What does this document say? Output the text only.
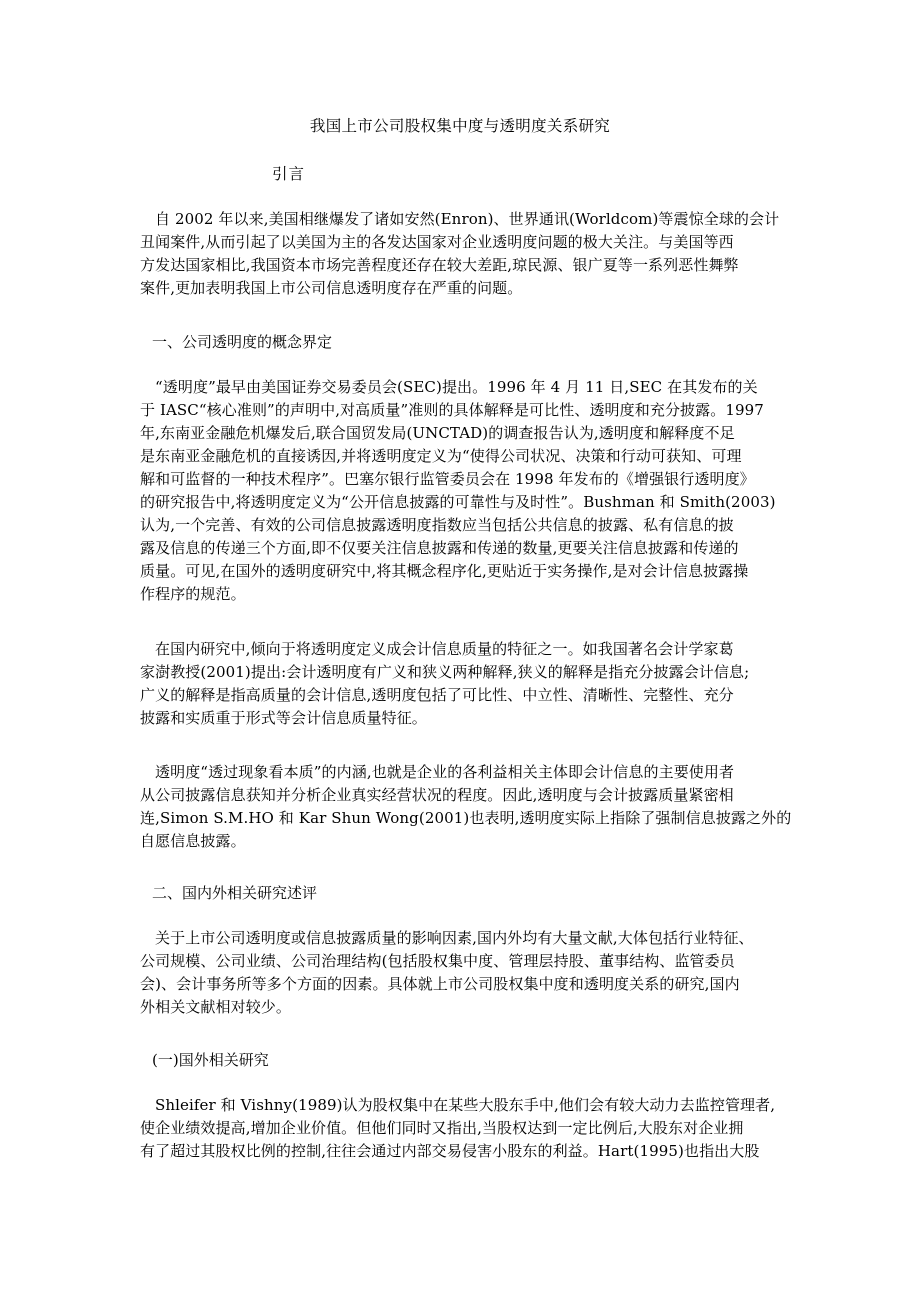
我国上市公司股权集中度与透明度关系研究
引言
自 2002 年以来,美国相继爆发了诸如安然(Enron)、世界通讯(Worldcom)等震惊全球的会计
丑闻案件,从而引起了以美国为主的各发达国家对企业透明度问题的极大关注。与美国等西
方发达国家相比,我国资本市场完善程度还存在较大差距,琼民源、银广夏等一系列恶性舞弊
案件,更加表明我国上市公司信息透明度存在严重的问题。
一、公司透明度的概念界定
“透明度”最早由美国证券交易委员会(SEC)提出。1996 年 4 月 11 日,SEC 在其发布的关
于 IASC“核心准则”的声明中,对高质量”准则的具体解释是可比性、透明度和充分披露。1997
年,东南亚金融危机爆发后,联合国贸发局(UNCTAD)的调查报告认为,透明度和解释度不足
是东南亚金融危机的直接诱因,并将透明度定义为“使得公司状况、决策和行动可获知、可理
解和可监督的一种技术程序”。巴塞尔银行监管委员会在 1998 年发布的《增强银行透明度》
的研究报告中,将透明度定义为“公开信息披露的可靠性与及时性”。Bushman 和 Smith(2003)
认为,一个完善、有效的公司信息披露透明度指数应当包括公共信息的披露、私有信息的披
露及信息的传递三个方面,即不仅要关注信息披露和传递的数量,更要关注信息披露和传递的
质量。可见,在国外的透明度研究中,将其概念程序化,更贴近于实务操作,是对会计信息披露操
作程序的规范。
在国内研究中,倾向于将透明度定义成会计信息质量的特征之一。如我国著名会计学家葛
家澍教授(2001)提出:会计透明度有广义和狭义两种解释,狭义的解释是指充分披露会计信息;
广义的解释是指高质量的会计信息,透明度包括了可比性、中立性、清晰性、完整性、充分
披露和实质重于形式等会计信息质量特征。
透明度“透过现象看本质”的内涵,也就是企业的各利益相关主体即会计信息的主要使用者
从公司披露信息获知并分析企业真实经营状况的程度。因此,透明度与会计披露质量紧密相
连,Simon S.M.HO 和 Kar Shun Wong(2001)也表明,透明度实际上指除了强制信息披露之外的
自愿信息披露。
二、国内外相关研究述评
关于上市公司透明度或信息披露质量的影响因素,国内外均有大量文献,大体包括行业特征、
公司规模、公司业绩、公司治理结构(包括股权集中度、管理层持股、董事结构、监管委员
会)、会计事务所等多个方面的因素。具体就上市公司股权集中度和透明度关系的研究,国内
外相关文献相对较少。
(一)国外相关研究
Shleifer 和 Vishny(1989)认为股权集中在某些大股东手中,他们会有较大动力去监控管理者,
使企业绩效提高,增加企业价值。但他们同时又指出,当股权达到一定比例后,大股东对企业拥
有了超过其股权比例的控制,往往会通过内部交易侵害小股东的利益。Hart(1995)也指出大股
